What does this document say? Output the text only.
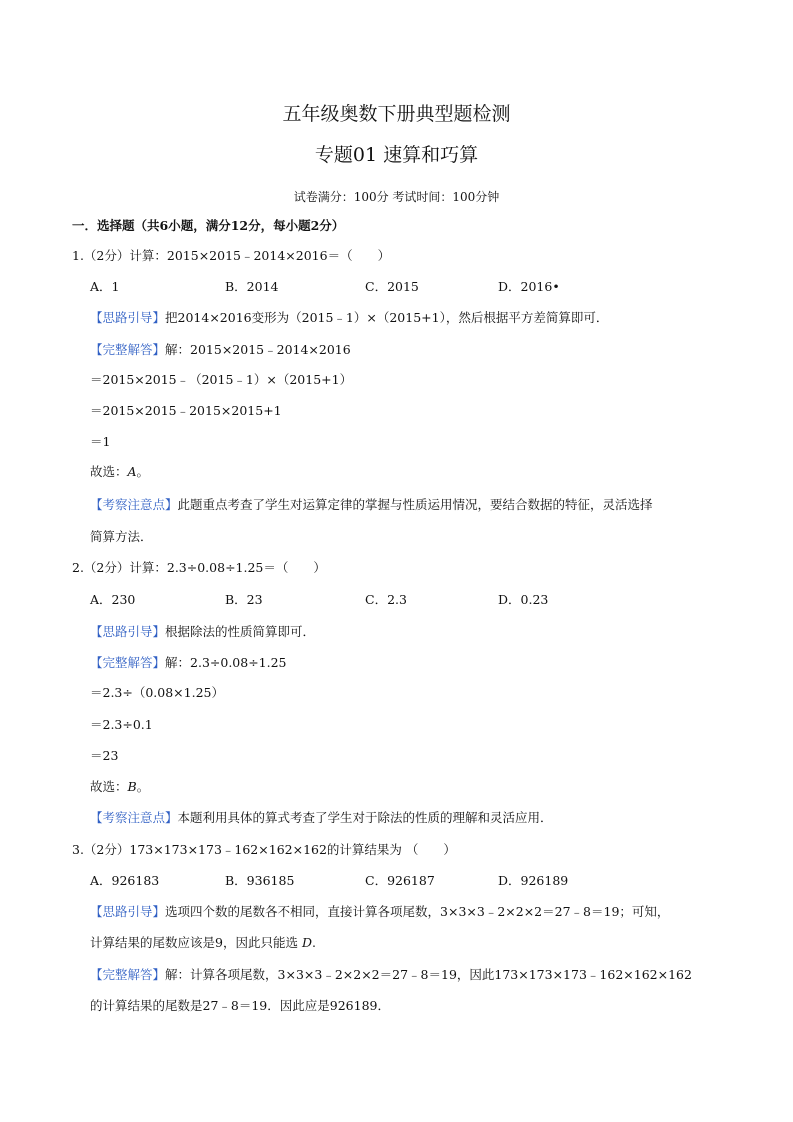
五年级奥数下册典型题检测
专题01 速算和巧算
试卷满分：100分 考试时间：100分钟
一．选择题（共6小题，满分12分，每小题2分）
1.（2分）计算：2015×2015﹣2014×2016＝（　　）
A．1	B．2014	C．2015	D．2016•
【思路引导】把2014×2016变形为（2015﹣1）×（2015+1），然后根据平方差简算即可．
【完整解答】解：2015×2015﹣2014×2016
＝2015×2015﹣（2015﹣1）×（2015+1）
＝2015×2015﹣2015×2015+1
＝1
故选：A。
【考察注意点】此题重点考查了学生对运算定律的掌握与性质运用情况，要结合数据的特征，灵活选择
简算方法．
2.（2分）计算：2.3÷0.08÷1.25＝（　　）
A．230	B．23	C．2.3	D．0.23
【思路引导】根据除法的性质简算即可．
【完整解答】解：2.3÷0.08÷1.25
＝2.3÷（0.08×1.25）
＝2.3÷0.1
＝23
故选：B。
【考察注意点】本题利用具体的算式考查了学生对于除法的性质的理解和灵活应用．
3.（2分）173×173×173﹣162×162×162的计算结果为 （　　）
A．926183	B．936185	C．926187	D．926189
【思路引导】选项四个数的尾数各不相同，直接计算各项尾数，3×3×3﹣2×2×2＝27﹣8＝19；可知，
计算结果的尾数应该是9，因此只能选 D.
【完整解答】解：计算各项尾数，3×3×3﹣2×2×2＝27﹣8＝19，因此173×173×173﹣162×162×162
的计算结果的尾数是27﹣8＝19．因此应是926189．
